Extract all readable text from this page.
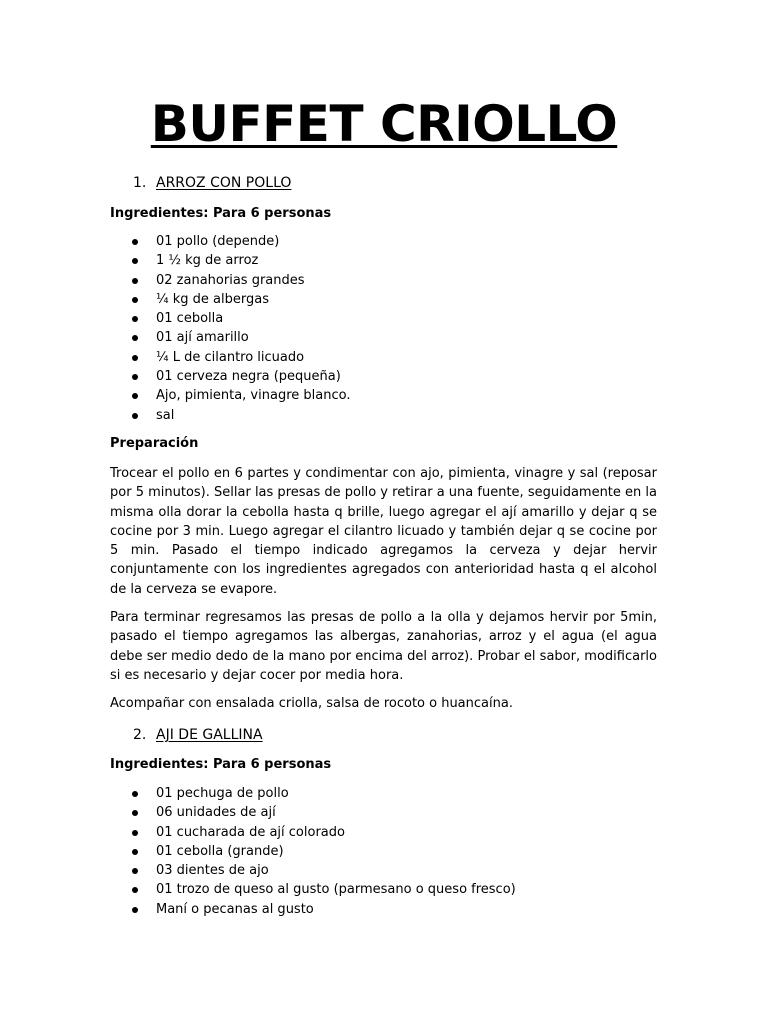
BUFFET CRIOLLO
1. ARROZ CON POLLO

Ingredientes: Para 6 personas

01 pollo (depende)
1 ½ kg de arroz
02 zanahorias grandes
¼ kg de albergas
01 cebolla
01 ají amarillo
¼ L de cilantro licuado
01 cerveza negra (pequeña)
Ajo, pimienta, vinagre blanco.
sal

Preparación

Trocear el pollo en 6 partes y condimentar con ajo, pimienta, vinagre y sal (reposar por 5 minutos). Sellar las presas de pollo y retirar a una fuente, seguidamente en la misma olla dorar la cebolla hasta q brille, luego agregar el ají amarillo y dejar q se cocine por 3 min. Luego agregar el cilantro licuado y también dejar q se cocine por 5 min. Pasado el tiempo indicado agregamos la cerveza y dejar hervir conjuntamente con los ingredientes agregados con anterioridad hasta q el alcohol de la cerveza se evapore.

Para terminar regresamos las presas de pollo a la olla y dejamos hervir por 5min, pasado el tiempo agregamos las albergas, zanahorias, arroz y el agua (el agua debe ser medio dedo de la mano por encima del arroz). Probar el sabor, modificarlo si es necesario y dejar cocer por media hora.

Acompañar con ensalada criolla, salsa de rocoto o huancaína.

2. AJI DE GALLINA

Ingredientes: Para 6 personas

01 pechuga de pollo
06 unidades de ají
01 cucharada de ají colorado
01 cebolla (grande)
03 dientes de ajo
01 trozo de queso al gusto (parmesano o queso fresco)
Maní o pecanas al gusto
